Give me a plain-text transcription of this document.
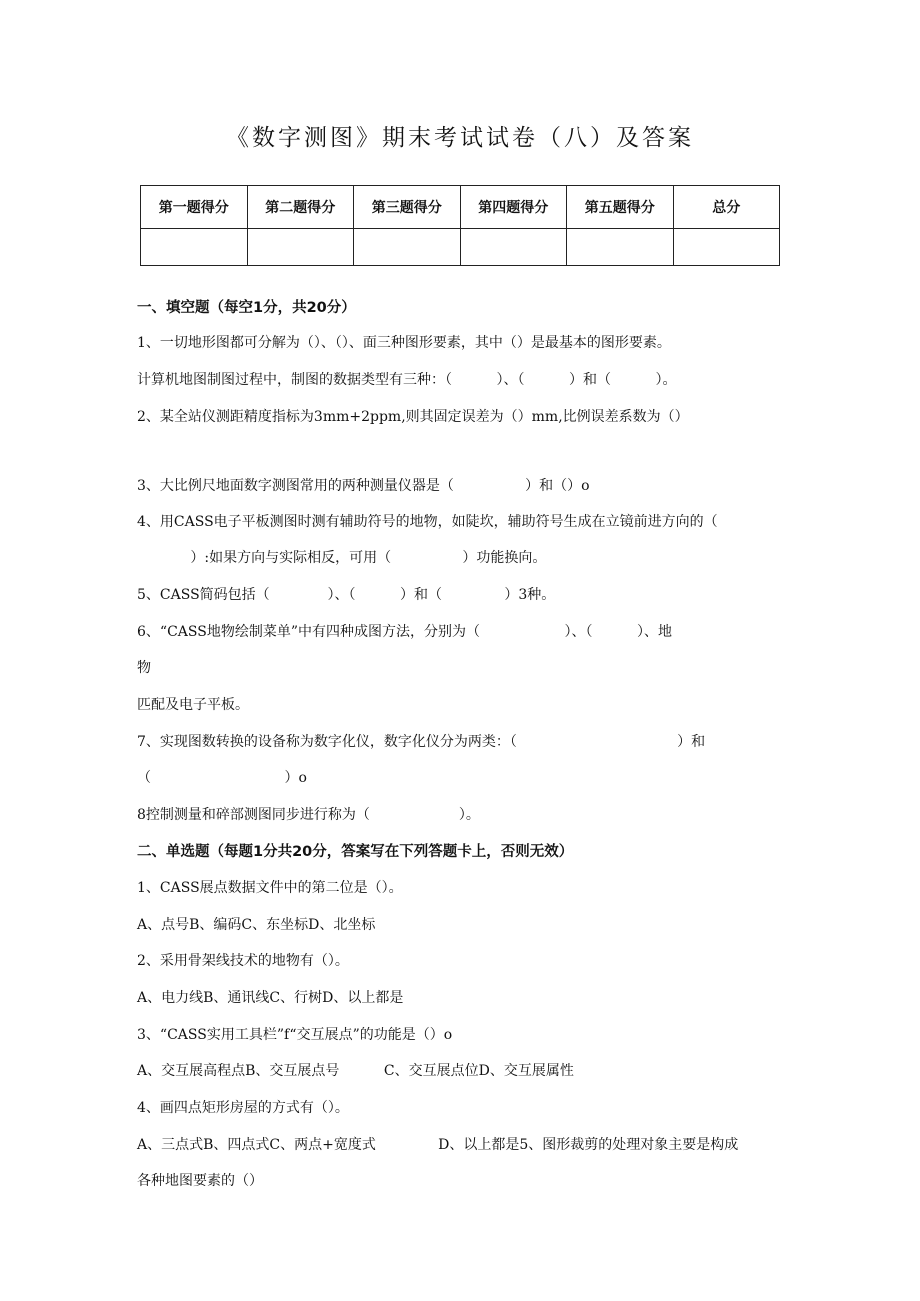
《数字测图》期末考试试卷（八）及答案
第一题得分	第二题得分	第三题得分	第四题得分	第五题得分	总分

一、填空题（每空1分，共20分）
1、一切地形图都可分解为（）、（）、面三种图形要素，其中（）是最基本的图形要素。
计算机地图制图过程中，制图的数据类型有三种：（          ）、（          ）和（          ）。
2、某全站仪测距精度指标为3mm+2ppm,则其固定误差为（）mm,比例误差系数为（）
3、大比例尺地面数字测图常用的两种测量仪器是（                ）和（）o
4、用CASS电子平板测图时测有辅助符号的地物，如陡坎，辅助符号生成在立镜前进方向的（
）:如果方向与实际相反，可用（                ）功能换向。
5、CASS简码包括（             ）、（          ）和（              ）3种。
6、“CASS地物绘制菜单”中有四种成图方法，分别为（                   ）、（          ）、地
物
匹配及电子平板。
7、实现图数转换的设备称为数字化仪，数字化仪分为两类：（                                    ）和
（                              ）o
8控制测量和碎部测图同步进行称为（                    ）。
二、单选题（每题1分共20分，答案写在下列答题卡上，否则无效）
1、CASS展点数据文件中的第二位是（）。
A、点号B、编码C、东坐标D、北坐标
2、采用骨架线技术的地物有（）。
A、电力线B、通讯线C、行树D、以上都是
3、“CASS实用工具栏”f“交互展点”的功能是（）o
A、交互展高程点B、交互展点号          C、交互展点位D、交互展属性
4、画四点矩形房屋的方式有（）。
A、三点式B、四点式C、两点+宽度式              D、以上都是5、图形裁剪的处理对象主要是构成
各种地图要素的（）
